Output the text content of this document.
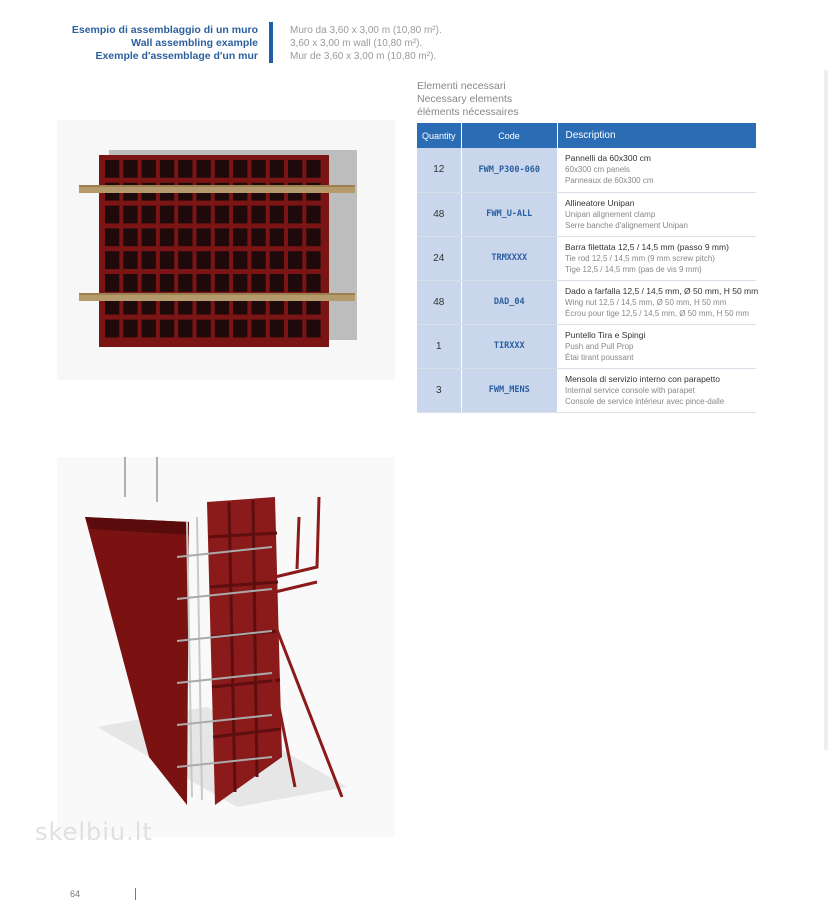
Esempio di assemblaggio di un muro
Wall assembling example
Exemple d'assemblage d'un mur
Muro da 3,60 x 3,00 m (10,80 m²).
3,60 x 3,00 m wall (10,80 m²).
Mur de 3,60 x 3,00 m (10,80 m²).
Elementi necessari
Necessary elements
éléments nécessaires
Quantity	Code	Description
12	FWM_P300-060	Pannelli da 60x300 cm
60x300 cm panels
Panneaux de 60x300 cm

48	FWM_U-ALL	Allineatore Unipan
Unipan alignement clamp
Serre banche d'alignement Unipan

24	TRMXXXX	Barra filettata 12,5 / 14,5 mm (passo 9 mm)
Tie rod 12,5 / 14,5 mm (9 mm screw pitch)
Tige 12,5 / 14,5 mm (pas de vis 9 mm)

48	DAD_04	Dado a farfalla 12,5 / 14,5 mm, Ø 50 mm, H 50 mm
Wing nut 12,5 / 14,5 mm, Ø 50 mm, H 50 mm
Écrou pour tige 12,5 / 14,5 mm, Ø 50 mm, H 50 mm

1	TIRXXX	Puntello Tira e Spingi
Push and Pull Prop
Étai tirant poussant

3	FWM_MENS	Mensola di servizio interno con parapetto
Internal service console with parapet
Console de service intérieur avec pince-dalle
skelbiu.lt
64
